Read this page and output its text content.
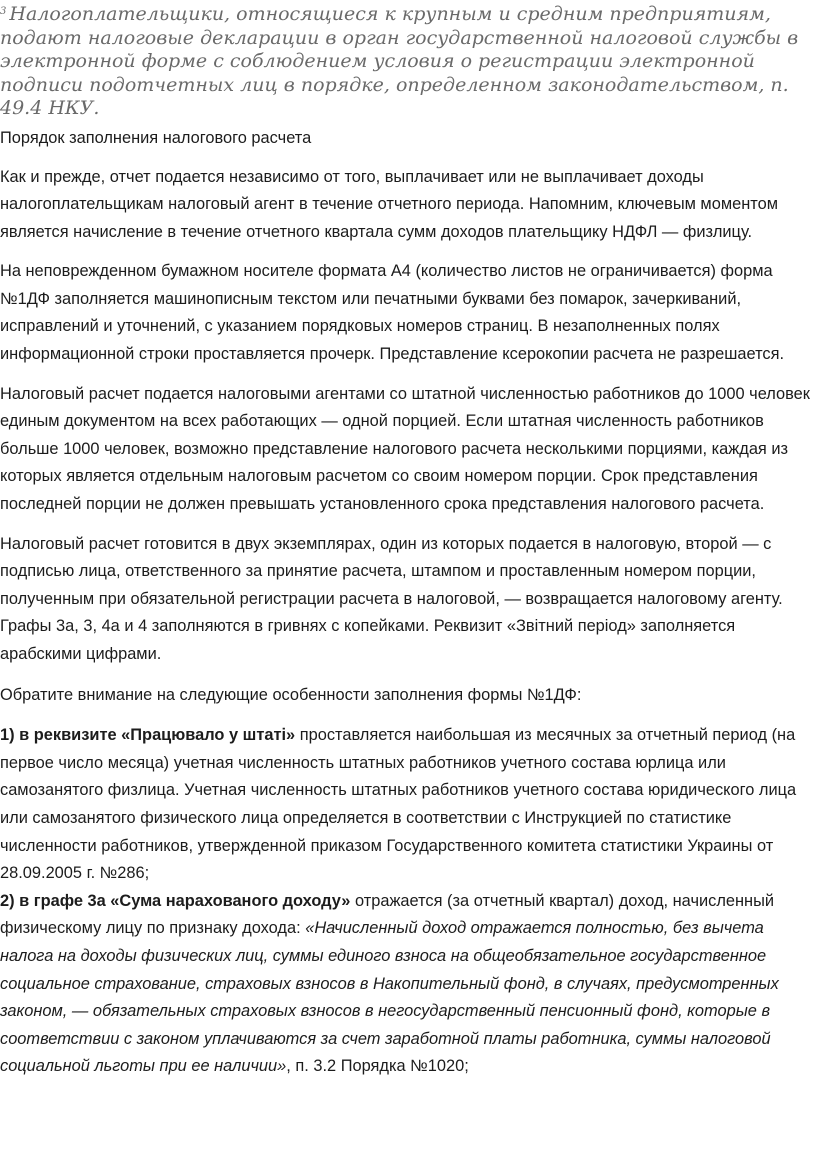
$^3$ Налогоплательщики, относящиеся к крупным и средним предприятиям, подают налоговые декларации в орган государственной налоговой службы в электронной форме с соблюдением условия о регистрации электронной подписи подотчетных лиц в порядке, определенном законодательством, п. 49.4 НКУ.

Порядок заполнения налогового расчета

Как и прежде, отчет подается независимо от того, выплачивает или не выплачивает доходы налогоплательщикам налоговый агент в течение отчетного периода. Напомним, ключевым моментом является начисление в течение отчетного квартала сумм доходов плательщику НДФЛ — физлицу.

На неповрежденном бумажном носителе формата А4 (количество листов не ограничивается) форма №1ДФ заполняется машинописным текстом или печатными буквами без помарок, зачеркиваний, исправлений и уточнений, с указанием порядковых номеров страниц. В незаполненных полях информационной строки проставляется прочерк. Представление ксерокопии расчета не разрешается.

Налоговый расчет подается налоговыми агентами со штатной численностью работников до 1000 человек единым документом на всех работающих — одной порцией. Если штатная численность работников больше 1000 человек, возможно представление налогового расчета несколькими порциями, каждая из которых является отдельным налоговым расчетом со своим номером порции. Срок представления последней порции не должен превышать установленного срока представления налогового расчета.

Налоговый расчет готовится в двух экземплярах, один из которых подается в налоговую, второй — с подписью лица, ответственного за принятие расчета, штампом и проставленным номером порции, полученным при обязательной регистрации расчета в налоговой, — возвращается налоговому агенту. Графы 3а, 3, 4а и 4 заполняются в гривнях с копейками. Реквизит «Звітний період» заполняется арабскими цифрами.

Обратите внимание на следующие особенности заполнения формы №1ДФ:

1) в реквизите «Працювало у штаті» проставляется наибольшая из месячных за отчетный период (на первое число месяца) учетная численность штатных работников учетного состава юрлица или самозанятого физлица. Учетная численность штатных работников учетного состава юридического лица или самозанятого физического лица определяется в соответствии с Инструкцией по статистике численности работников, утвержденной приказом Государственного комитета статистики Украины от 28.09.2005 г. №286;

2) в графе 3а «Сума нарахованого доходу» отражается (за отчетный квартал) доход, начисленный физическому лицу по признаку дохода: «Начисленный доход отражается полностью, без вычета налога на доходы физических лиц, суммы единого взноса на общеобязательное государственное социальное страхование, страховых взносов в Накопительный фонд, в случаях, предусмотренных законом, — обязательных страховых взносов в негосударственный пенсионный фонд, которые в соответствии с законом уплачиваются за счет заработной платы работника, суммы налоговой социальной льготы при ее наличии», п. 3.2 Порядка №1020;
